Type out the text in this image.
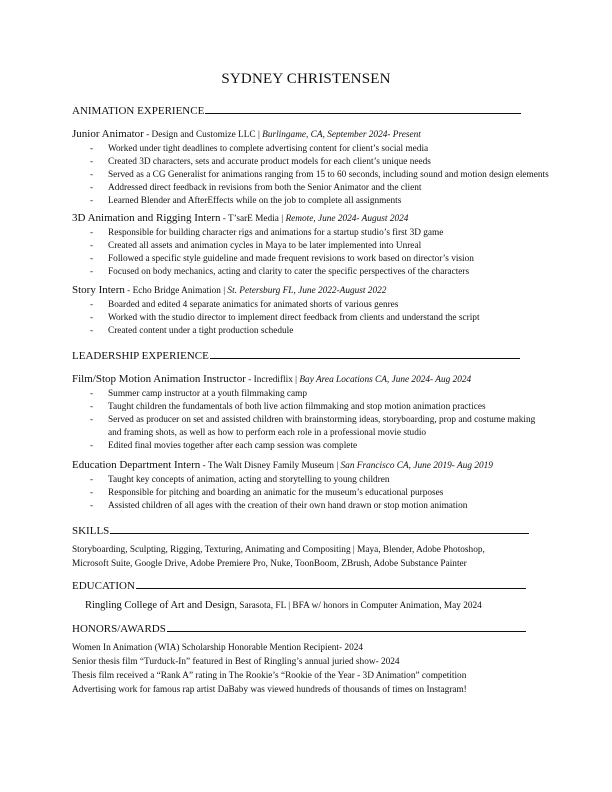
SYDNEY CHRISTENSEN
ANIMATION EXPERIENCE
Junior Animator - Design and Customize LLC | Burlingame, CA, September 2024- Present
- Worked under tight deadlines to complete advertising content for client’s social media
- Created 3D characters, sets and accurate product models for each client’s unique needs
- Served as a CG Generalist for animations ranging from 15 to 60 seconds, including sound and motion design elements
- Addressed direct feedback in revisions from both the Senior Animator and the client
- Learned Blender and AfterEffects while on the job to complete all assignments
3D Animation and Rigging Intern - T’sarE Media | Remote, June 2024- August 2024
- Responsible for building character rigs and animations for a startup studio’s first 3D game
- Created all assets and animation cycles in Maya to be later implemented into Unreal
- Followed a specific style guideline and made frequent revisions to work based on director’s vision
- Focused on body mechanics, acting and clarity to cater the specific perspectives of the characters
Story Intern - Echo Bridge Animation | St. Petersburg FL, June 2022-August 2022
- Boarded and edited 4 separate animatics for animated shorts of various genres
- Worked with the studio director to implement direct feedback from clients and understand the script
- Created content under a tight production schedule
LEADERSHIP EXPERIENCE
Film/Stop Motion Animation Instructor - Incrediflix | Bay Area Locations CA, June 2024- Aug 2024
- Summer camp instructor at a youth filmmaking camp
- Taught children the fundamentals of both live action filmmaking and stop motion animation practices
- Served as producer on set and assisted children with brainstorming ideas, storyboarding, prop and costume making and framing shots, as well as how to perform each role in a professional movie studio
- Edited final movies together after each camp session was complete
Education Department Intern - The Walt Disney Family Museum | San Francisco CA, June 2019- Aug 2019
- Taught key concepts of animation, acting and storytelling to young children
- Responsible for pitching and boarding an animatic for the museum’s educational purposes
- Assisted children of all ages with the creation of their own hand drawn or stop motion animation
SKILLS
Storyboarding, Sculpting, Rigging, Texturing, Animating and Compositing | Maya, Blender, Adobe Photoshop,
Microsoft Suite, Google Drive, Adobe Premiere Pro, Nuke, ToonBoom, ZBrush, Adobe Substance Painter
EDUCATION
Ringling College of Art and Design, Sarasota, FL | BFA w/ honors in Computer Animation, May 2024
HONORS/AWARDS
Women In Animation (WIA) Scholarship Honorable Mention Recipient- 2024
Senior thesis film “Turduck-In” featured in Best of Ringling’s annual juried show- 2024
Thesis film received a “Rank A” rating in The Rookie’s “Rookie of the Year - 3D Animation” competition
Advertising work for famous rap artist DaBaby was viewed hundreds of thousands of times on Instagram!
